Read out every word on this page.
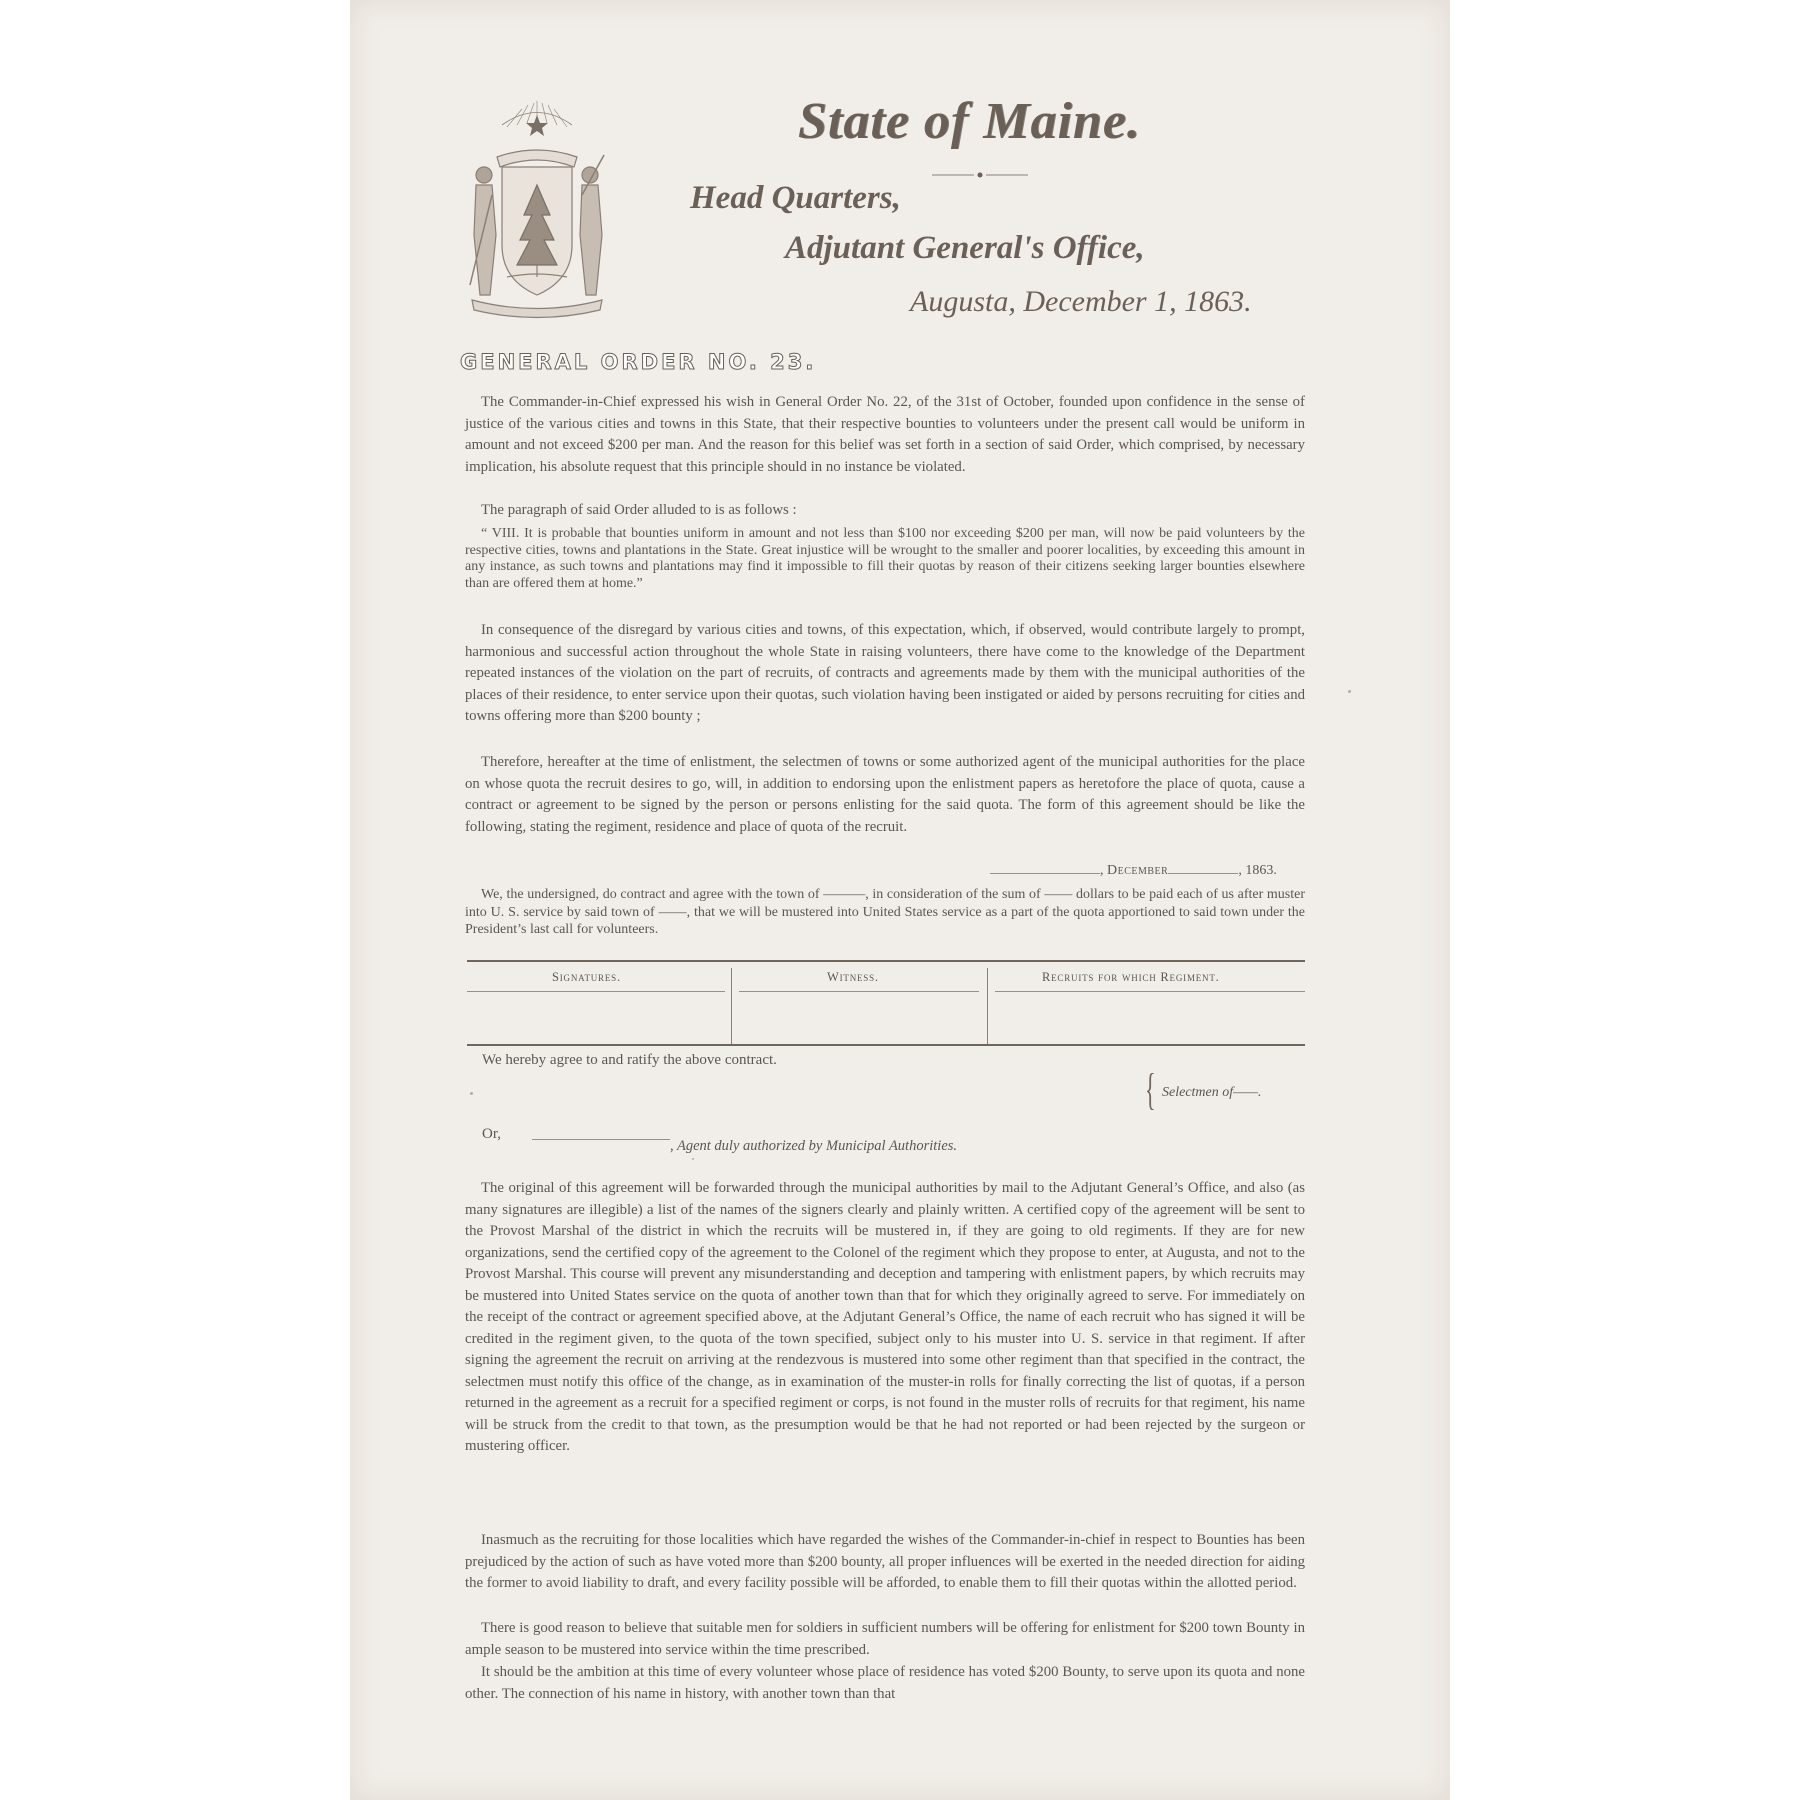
State of Maine.
Head Quarters,
Adjutant General's Office,
Augusta, December 1, 1863.
GENERAL ORDER NO. 23.

The Commander-in-Chief expressed his wish in General Order No. 22, of the 31st of October, founded upon confidence in the sense of justice of the various cities and towns in this State, that their respective bounties to volunteers under the present call would be uniform in amount and not exceed $200 per man. And the reason for this belief was set forth in a section of said Order, which comprised, by necessary implication, his absolute request that this principle should in no instance be violated.

The paragraph of said Order alluded to is as follows :

“ VIII. It is probable that bounties uniform in amount and not less than $100 nor exceeding $200 per man, will now be paid volunteers by the respective cities, towns and plantations in the State. Great injustice will be wrought to the smaller and poorer localities, by exceeding this amount in any instance, as such towns and plantations may find it impossible to fill their quotas by reason of their citizens seeking larger bounties elsewhere than are offered them at home.”

In consequence of the disregard by various cities and towns, of this expectation, which, if observed, would contribute largely to prompt, harmonious and successful action throughout the whole State in raising volunteers, there have come to the knowledge of the Department repeated instances of the violation on the part of recruits, of contracts and agreements made by them with the municipal authorities of the places of their residence, to enter service upon their quotas, such violation having been instigated or aided by persons recruiting for cities and towns offering more than $200 bounty ;

Therefore, hereafter at the time of enlistment, the selectmen of towns or some authorized agent of the municipal authorities for the place on whose quota the recruit desires to go, will, in addition to endorsing upon the enlistment papers as heretofore the place of quota, cause a contract or agreement to be signed by the person or persons enlisting for the said quota. The form of this agreement should be like the following, stating the regiment, residence and place of quota of the recruit.

, December	, 1863.

We, the undersigned, do contract and agree with the town of ———, in consideration of the sum of —— dollars to be paid each of us after muster into U. S. service by said town of ——, that we will be mustered into United States service as a part of the quota apportioned to said town under the President’s last call for volunteers.

Signatures.	Witness.	Recruits for which Regiment.
We hereby agree to and ratify the above contract.
{ Selectmen of——.
Or,
, Agent duly authorized by Municipal Authorities.

The original of this agreement will be forwarded through the municipal authorities by mail to the Adjutant General’s Office, and also (as many signatures are illegible) a list of the names of the signers clearly and plainly written. A certified copy of the agreement will be sent to the Provost Marshal of the district in which the recruits will be mustered in, if they are going to old regiments. If they are for new organizations, send the certified copy of the agreement to the Colonel of the regiment which they propose to enter, at Augusta, and not to the Provost Marshal. This course will prevent any misunderstanding and deception and tampering with enlistment papers, by which recruits may be mustered into United States service on the quota of another town than that for which they originally agreed to serve. For immediately on the receipt of the contract or agreement specified above, at the Adjutant General’s Office, the name of each recruit who has signed it will be credited in the regiment given, to the quota of the town specified, subject only to his muster into U. S. service in that regiment. If after signing the agreement the recruit on arriving at the rendezvous is mustered into some other regiment than that specified in the contract, the selectmen must notify this office of the change, as in examination of the muster-in rolls for finally correcting the list of quotas, if a person returned in the agreement as a recruit for a specified regiment or corps, is not found in the muster rolls of recruits for that regiment, his name will be struck from the credit to that town, as the presumption would be that he had not reported or had been rejected by the surgeon or mustering officer.

Inasmuch as the recruiting for those localities which have regarded the wishes of the Commander-in-chief in respect to Bounties has been prejudiced by the action of such as have voted more than $200 bounty, all proper influences will be exerted in the needed direction for aiding the former to avoid liability to draft, and every facility possible will be afforded, to enable them to fill their quotas within the allotted period.

There is good reason to believe that suitable men for soldiers in sufficient numbers will be offering for enlistment for $200 town Bounty in ample season to be mustered into service within the time prescribed.

It should be the ambition at this time of every volunteer whose place of residence has voted $200 Bounty, to serve upon its quota and none other. The connection of his name in history, with another town than that
